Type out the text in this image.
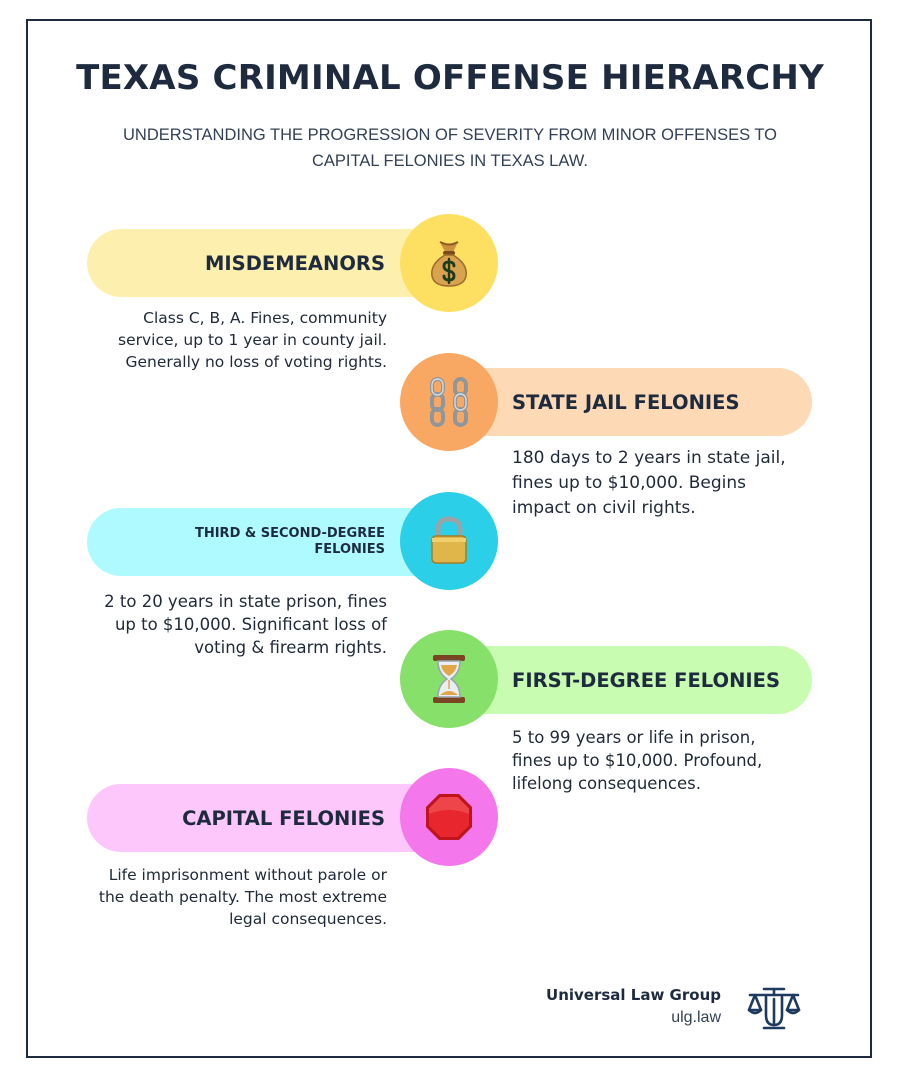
TEXAS CRIMINAL OFFENSE HIERARCHY
UNDERSTANDING THE PROGRESSION OF SEVERITY FROM MINOR OFFENSES TO CAPITAL FELONIES IN TEXAS LAW.
MISDEMEANORS
Class C, B, A. Fines, community service, up to 1 year in county jail. Generally no loss of voting rights.
STATE JAIL FELONIES
180 days to 2 years in state jail, fines up to $10,000. Begins impact on civil rights.
THIRD & SECOND-DEGREE FELONIES
2 to 20 years in state prison, fines up to $10,000. Significant loss of voting & firearm rights.
FIRST-DEGREE FELONIES
5 to 99 years or life in prison, fines up to $10,000. Profound, lifelong consequences.
CAPITAL FELONIES
Life imprisonment without parole or the death penalty. The most extreme legal consequences.
Universal Law Group
ulg.law
